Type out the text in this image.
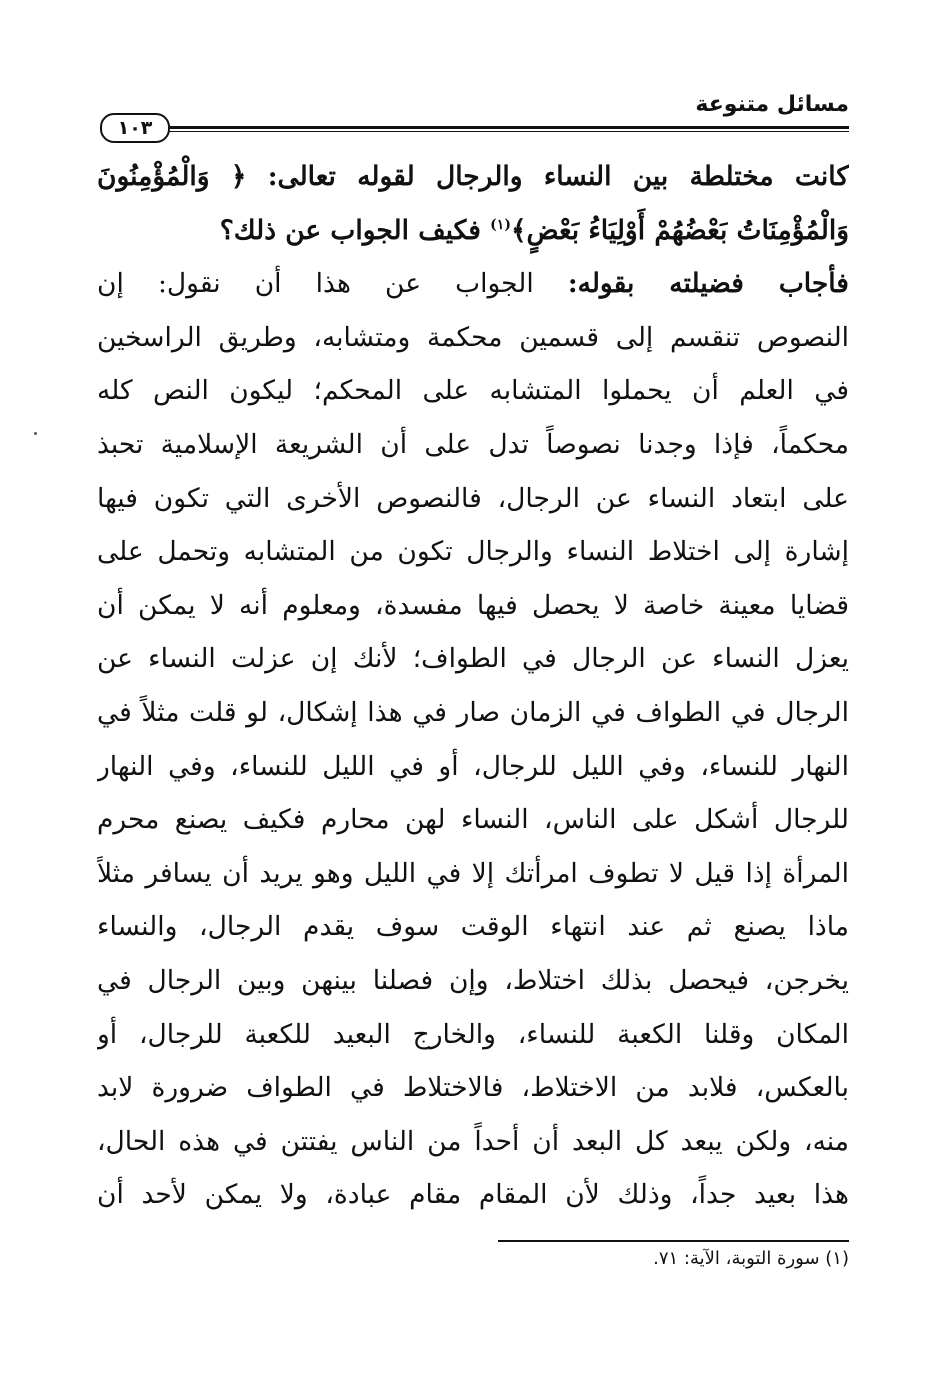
مسائل متنوعة
١٠٣
كانت مختلطة بين النساء والرجال لقوله تعالى: ﴿ وَالْمُؤْمِنُونَ
وَالْمُؤْمِنَاتُ بَعْضُهُمْ أَوْلِيَاءُ بَعْضٍ﴾$^{(١)}$ فكيف الجواب عن ذلك؟
فأجاب فضيلته بقوله: الجواب عن هذا أن نقول: إن
النصوص تنقسم إلى قسمين محكمة ومتشابه، وطريق الراسخين
في العلم أن يحملوا المتشابه على المحكم؛ ليكون النص كله
محكماً، فإذا وجدنا نصوصاً تدل على أن الشريعة الإسلامية تحبذ
على ابتعاد النساء عن الرجال، فالنصوص الأخرى التي تكون فيها
إشارة إلى اختلاط النساء والرجال تكون من المتشابه وتحمل على
قضايا معينة خاصة لا يحصل فيها مفسدة، ومعلوم أنه لا يمكن أن
يعزل النساء عن الرجال في الطواف؛ لأنك إن عزلت النساء عن
الرجال في الطواف في الزمان صار في هذا إشكال، لو قلت مثلاً في
النهار للنساء، وفي الليل للرجال، أو في الليل للنساء، وفي النهار
للرجال أشكل على الناس، النساء لهن محارم فكيف يصنع محرم
المرأة إذا قيل لا تطوف امرأتك إلا في الليل وهو يريد أن يسافر مثلاً
ماذا يصنع ثم عند انتهاء الوقت سوف يقدم الرجال، والنساء
يخرجن، فيحصل بذلك اختلاط، وإن فصلنا بينهن وبين الرجال في
المكان وقلنا الكعبة للنساء، والخارج البعيد للكعبة للرجال، أو
بالعكس، فلابد من الاختلاط، فالاختلاط في الطواف ضرورة لابد
منه، ولكن يبعد كل البعد أن أحداً من الناس يفتتن في هذه الحال،
هذا بعيد جداً، وذلك لأن المقام مقام عبادة، ولا يمكن لأحد أن
(١) سورة التوبة، الآية: ٧١.
